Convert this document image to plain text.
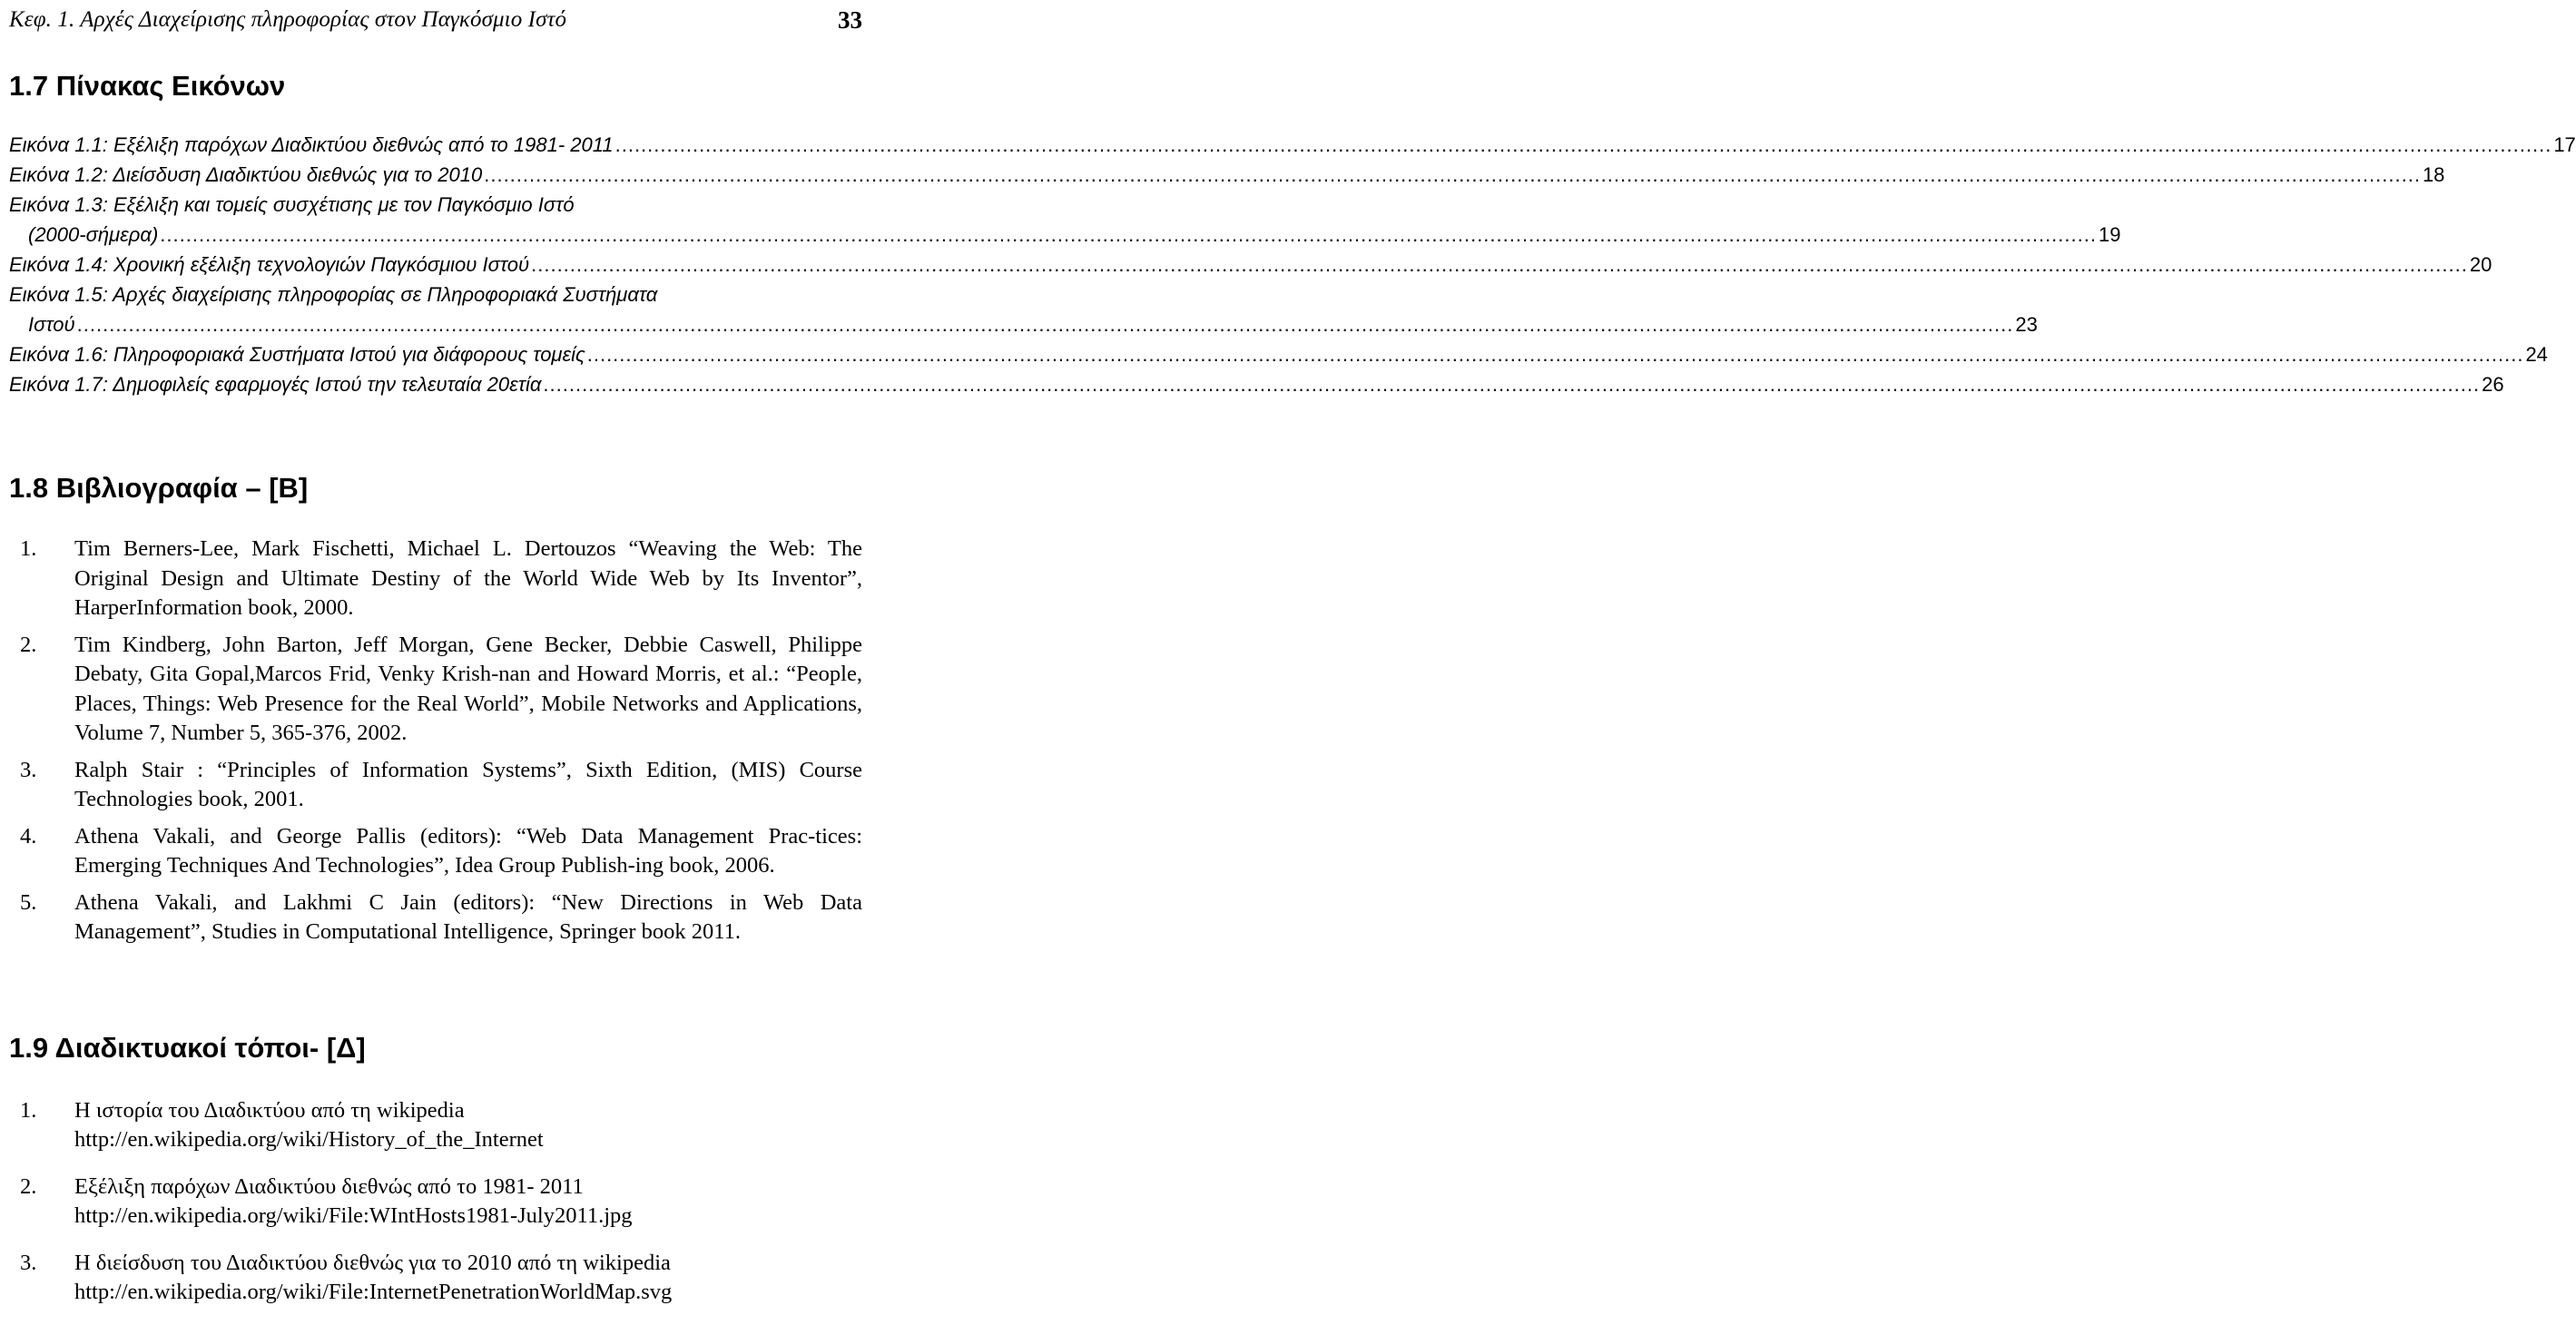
Κεφ. 1. Αρχές Διαχείρισης πληροφορίας στον Παγκόσμιο Ιστό	33
1.7 Πίνακας Εικόνων
Εικόνα 1.1: Εξέλιξη παρόχων Διαδικτύου διεθνώς από το 1981- 2011 ............................................................................................................................................................................................................................................................................................................ 17
Εικόνα 1.2: Διείσδυση Διαδικτύου διεθνώς για το 2010 ............................................................................................................................................................................................................................................................................................................ 18
Εικόνα 1.3: Εξέλιξη και τομείς συσχέτισης με τον Παγκόσμιο Ιστό
(2000-σήμερα) ............................................................................................................................................................................................................................................................................................................ 19
Εικόνα 1.4: Χρονική εξέλιξη τεχνολογιών Παγκόσμιου Ιστού ............................................................................................................................................................................................................................................................................................................ 20
Εικόνα 1.5: Αρχές διαχείρισης πληροφορίας σε Πληροφοριακά Συστήματα
Ιστού ............................................................................................................................................................................................................................................................................................................ 23
Εικόνα 1.6: Πληροφοριακά Συστήματα Ιστού για διάφορους τομείς ............................................................................................................................................................................................................................................................................................................ 24
Εικόνα 1.7: Δημοφιλείς εφαρμογές Ιστού την τελευταία 20ετία ............................................................................................................................................................................................................................................................................................................ 26
1.8 Βιβλιογραφία – [B]
1.	Tim Berners-Lee, Mark Fischetti, Michael L. Dertouzos “Weaving the Web: The Original Design and Ultimate Destiny of the World Wide Web by Its Inventor”, HarperInformation book, 2000.
2.	Tim Kindberg, John Barton, Jeff Morgan, Gene Becker, Debbie Caswell, Philippe Debaty, Gita Gopal,Marcos Frid, Venky Krish-nan and Howard Morris, et al.: “People, Places, Things: Web Presence for the Real World”, Mobile Networks and Applications, Volume 7, Number 5, 365-376, 2002.
3.	Ralph Stair : “Principles of Information Systems”, Sixth Edition, (MIS) Course Technologies book, 2001.
4.	Athena Vakali, and George Pallis (editors): “Web Data Management Prac-tices: Emerging Techniques And Technologies”, Idea Group Publish-ing book, 2006.
5.	Athena Vakali, and Lakhmi C Jain (editors): “New Directions in Web Data Management”, Studies in Computational Intelligence, Springer book 2011.
1.9 Διαδικτυακοί τόποι- [Δ]
1.	Η ιστορία του Διαδικτύου από τη wikipedia
http://en.wikipedia.org/wiki/History_of_the_Internet
2.	Εξέλιξη παρόχων Διαδικτύου διεθνώς από το 1981- 2011
http://en.wikipedia.org/wiki/File:WIntHosts1981-July2011.jpg
3.	Η διείσδυση του Διαδικτύου διεθνώς για το 2010 από τη wikipedia
http://en.wikipedia.org/wiki/File:InternetPenetrationWorldMap.svg
